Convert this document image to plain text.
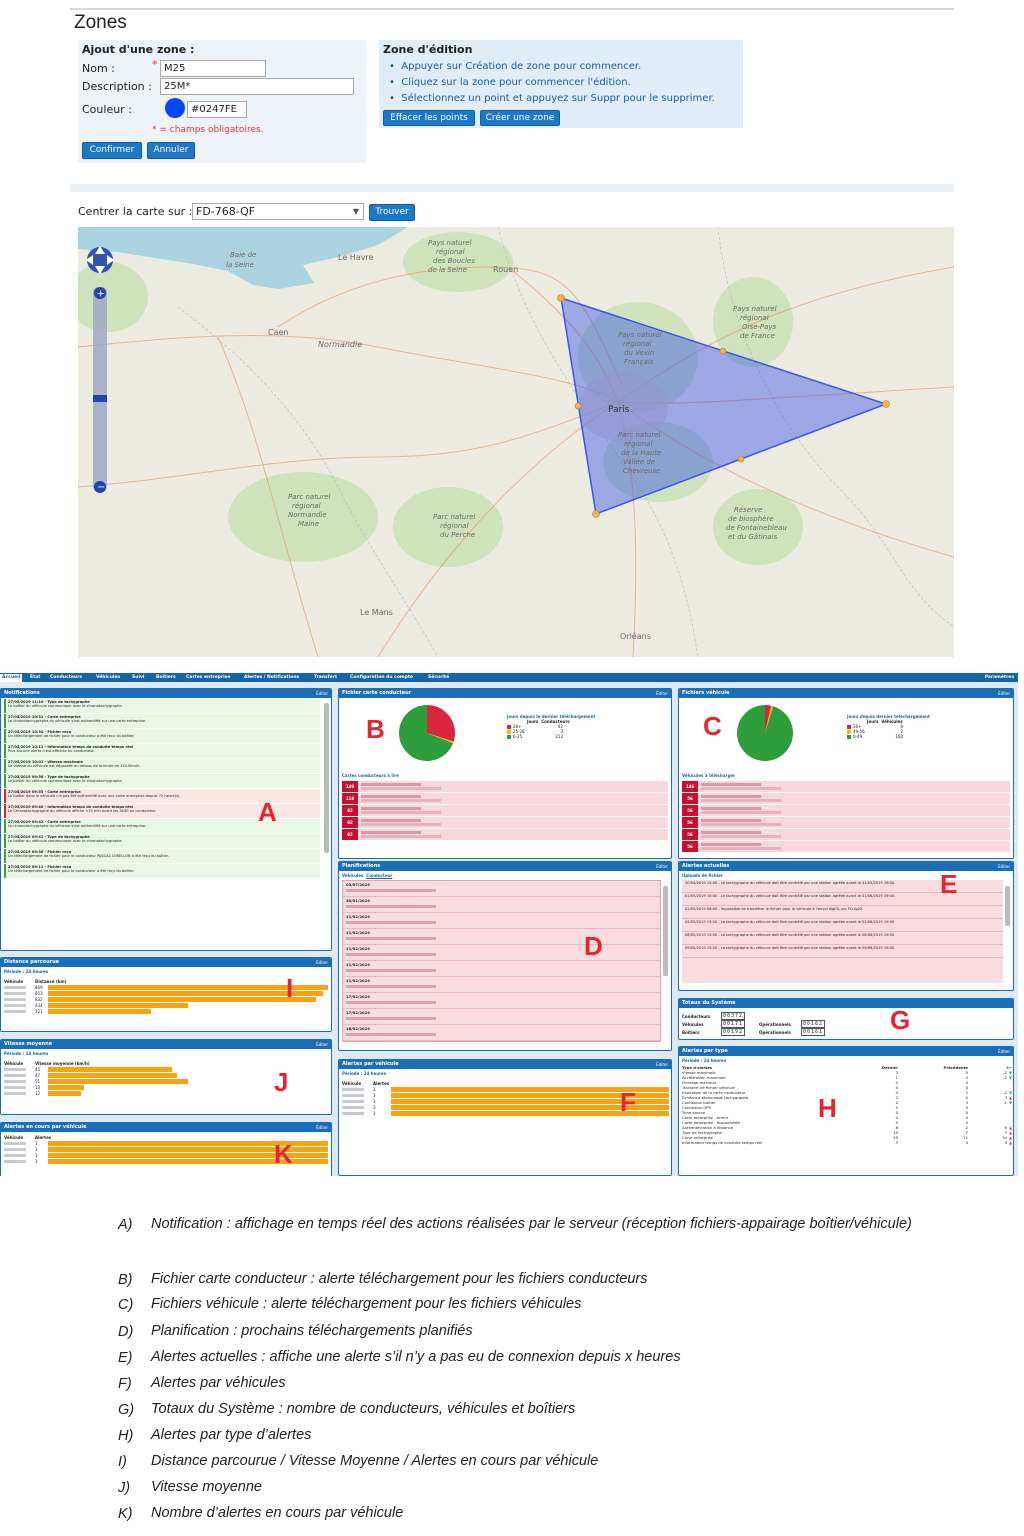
Zones
Ajout d'une zone :
Nom :	* M25
Description :	25M*
Couleur :	#0247FE
* = champs obligatoires.
Confirmer	Annuler
Zone d'édition
•  Appuyer sur Création de zone pour commencer.
•  Cliquez sur la zone pour commencer l'édition.
•  Sélectionnez un point et appuyez sur Suppr pour le supprimer.
Effacer les points	Créer une zone
Centrer la carte sur : FD-768-QF	▼	Trouver
Baie de
la Seine
Le Havre
Caen
Normandie
Rouen
Paris
Pays naturel
régional
des Boucles
de la Seine
Pays naturel
régional
du Vexin
Français
Parc naturel
régional
Normandie
Maine
Parc naturel
régional
du Perche
Parc naturel
régional
de la Haute
Vallée de
Chevreuse
Pays naturel
régional
Oise-Pays
de France
Réserve
de biosphère
de Fontainebleau
et du Gâtinais
Le Mans
Orléans
+
−
Accueil	État	Conducteurs	Véhicules	Suivi	Boîtiers	Cartes entreprise	Alertes / Notifications	Transfert	Configuration du compte	Sécurité	Paramètres
Notifications	Éditer
27/05/2019 11:10 - Type de tachygraphe
Le boîtier du véhicule communique avec le chronotachygraphe.
27/05/2019 10:51 - Carte entreprise
Le chronotachygraphe du véhicule s'est authentifié sur une carte entreprise.
27/05/2019 10:34 - Fichier reçu
Un téléchargement de fichier pour le conducteur a été reçu du boîtier.
27/05/2019 10:11 - Information temps de conduite temps réel
Plus aucune alerte n'est affichée au conducteur.
27/05/2019 10:01 - Vitesse maximale
La vitesse du véhicule est dépassée au dessus de la limite de 110.0km/h.
27/05/2019 09:56 - Type de tachygraphe
Le boîtier du véhicule communique avec le chronotachygraphe.
27/05/2019 09:55 - Carte entreprise
Le boîtier dans le véhicule n'a pas été authentifié avec une carte entreprise depuis 72 heure(s).
27/05/2019 09:40 - Information temps de conduite temps réel
Le Chronotachygraphe du véhicule affiche <15 min avant les 4h30 au conducteur.
27/05/2019 09:42 - Carte entreprise
Le chronotachygraphe du véhicule s'est authentifié sur une carte entreprise.
27/05/2019 09:41 - Type de tachygraphe
Le boîtier du véhicule communique avec le chronotachygraphe.
27/05/2019 09:36 - Fichier reçu
Un téléchargement de fichier pour le conducteur PASCAL LOBELLON a été reçu du boîtier.
27/05/2019 09:11 - Fichier reçu
Un téléchargement de fichier pour le conducteur a été reçu du boîtier.
Distance parcourue	Éditer
Période : 24 heures
Véhicule	Distance (km)
869
853
832
434
321
Vitesse moyenne	Éditer
Période : 24 heures
Véhicule	Vitesse moyenne (km/h)
45
47
51
13
12
Alertes en cours par véhicule	Éditer
Véhicule	Alertes
3
3
3
3
Fichier carte conducteur	Éditer
Jours depuis le dernier téléchargement
Jours Conducteurs
28+	92
25-28	3
0-25	212
Cartes conducteurs à lire
149
118
82
82
82
Fichiers véhicule	Éditer
Jours depuis dernier téléchargement
Jours Véhicules
56+	6
49-56	2
0-49	160
Véhicules à télécharger
146
56
56
56
56
56
Planifications	Éditer
Véhicules Conducteur
03/07/2019
30/01/2019
11/02/2019
11/02/2019
11/02/2019
11/02/2019
11/02/2019
17/02/2019
17/02/2019
18/02/2019
Alertes par véhicule	Éditer
Période : 24 heures
Véhicule	Alertes
3
3
3
3
3
Alertes actuelles	Éditer
Uploads de fichier
30/04/2019 15:00 - Le tachygraphe du véhicule doit être contrôlé par une station agréée avant le 31/05/2019 19:00.
01/05/2019 15:00 - Le tachygraphe du véhicule doit être contrôlé par une station agréée avant le 01/06/2019 19:00.
02/05/2019 06:09 - Impossible de transférer le fichier pour le véhicule à l'envoi digiOL sur FD-fg25.
02/05/2019 15:00 - Le tachygraphe du véhicule doit être contrôlé par une station agréée avant le 02/06/2019 19:00.
08/05/2019 15:00 - Le tachygraphe du véhicule doit être contrôlé par une station agréée avant le 08/06/2019 19:00.
09/05/2019 15:00 - Le tachygraphe du véhicule doit être contrôlé par une station agréée avant le 09/06/2019 19:00.
Totaux du Système
Conducteurs	00372
Véhicules	00171	Opérationnels	00162
Boîtiers	00192	Opérationnels	00161
Alertes par type	Éditer
Période : 24 heures
Type d'alertes	Dernier	Précédente	+/-
Vitesse maximale	3	5	-2 ▼
Accélération maximale	1	3	-1 ▼
Freinage maximal	0	0	
Transfert de fichier véhicule	0	0	
Expiration de la carte conducteur	0	2	-2 ▼
Échéance étalonnage tachygraphe	3	0	3 ▲
Connexion boîtier	2	3	-1 ▼
Connexion GPS	0	0	
Time source	0	0	
Carte entreprise - erreur	0	0	
Carte entreprise - disponibilité	0	0	
Authentification à distance	8	2	6 ▲
Type de tachygraphe	10	7	3 ▲
Carte entreprise	45	11	34 ▲
Information temps de conduite temps réel	3	0	3 ▲
A
B	C
D
E
F
G
H
I
J
K
A) Notification : affichage en temps réel des actions réalisées par le serveur (réception fichiers-appairage boîtier/véhicule)
B) Fichier carte conducteur : alerte téléchargement pour les fichiers conducteurs
C) Fichiers véhicule : alerte téléchargement pour les fichiers véhicules
D) Planification : prochains téléchargements planifiés
E) Alertes actuelles : affiche une alerte s’il n’y a pas eu de connexion depuis x heures
F) Alertes par véhicules
G) Totaux du Système : nombre de conducteurs, véhicules et boîtiers
H) Alertes par type d’alertes
I) Distance parcourue / Vitesse Moyenne / Alertes en cours par véhicule
J) Vitesse moyenne
K) Nombre d’alertes en cours par véhicule
